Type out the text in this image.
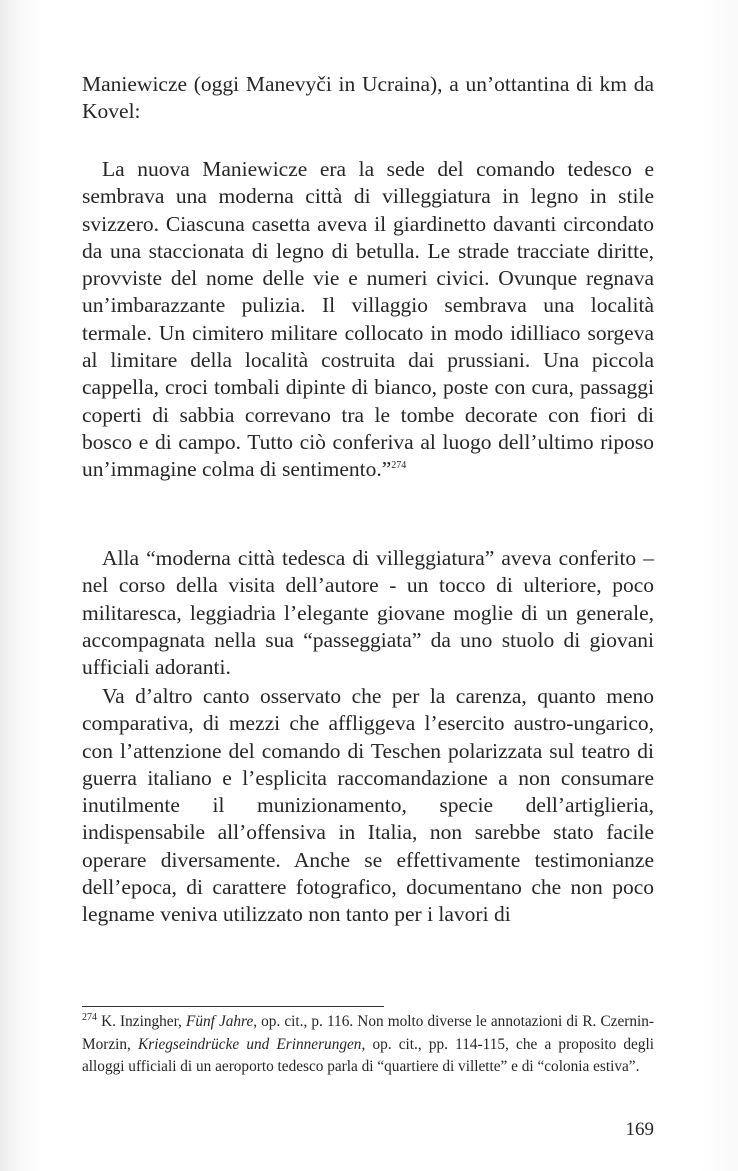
Maniewicze (oggi Manevyči in Ucraina), a un’ottantina di km da Kovel:

La nuova Maniewicze era la sede del comando tedesco e sembrava una moderna città di villeggiatura in legno in stile svizzero. Ciascuna casetta aveva il giardinetto davanti circondato da una staccionata di legno di betulla. Le strade tracciate diritte, provviste del nome delle vie e numeri civici. Ovunque regnava un’imbarazzante pulizia. Il villaggio sembrava una località termale. Un cimitero militare collocato in modo idilliaco sorgeva al limitare della località costruita dai prussiani. Una piccola cappella, croci tombali dipinte di bianco, poste con cura, passaggi coperti di sabbia correvano tra le tombe decorate con fiori di bosco e di campo. Tutto ciò conferiva al luogo dell’ultimo riposo un’immagine colma di sentimento.”$^{274}$

Alla “moderna città tedesca di villeggiatura” aveva conferito – nel corso della visita dell’autore - un tocco di ulteriore, poco militaresca, leggiadria l’elegante giovane moglie di un generale, accompagnata nella sua “passeggiata” da uno stuolo di giovani ufficiali adoranti.

Va d’altro canto osservato che per la carenza, quanto meno comparativa, di mezzi che affliggeva l’esercito austro-ungarico, con l’attenzione del comando di Teschen polarizzata sul teatro di guerra italiano e l’esplicita raccomandazione a non consumare inutilmente il munizionamento, specie dell’artiglieria, indispensabile all’offensiva in Italia, non sarebbe stato facile operare diversamente. Anche se effettivamente testimonianze dell’epoca, di carattere fotografico, documentano che non poco legname veniva utilizzato non tanto per i lavori di

$^{274}$ K. Inzingher, Fünf Jahre, op. cit., p. 116. Non molto diverse le annotazioni di R. Czernin-Morzin, Kriegseindrücke und Erinnerungen, op. cit., pp. 114-115, che a proposito degli alloggi ufficiali di un aeroporto tedesco parla di “quartiere di villette” e di “colonia estiva”.

169
